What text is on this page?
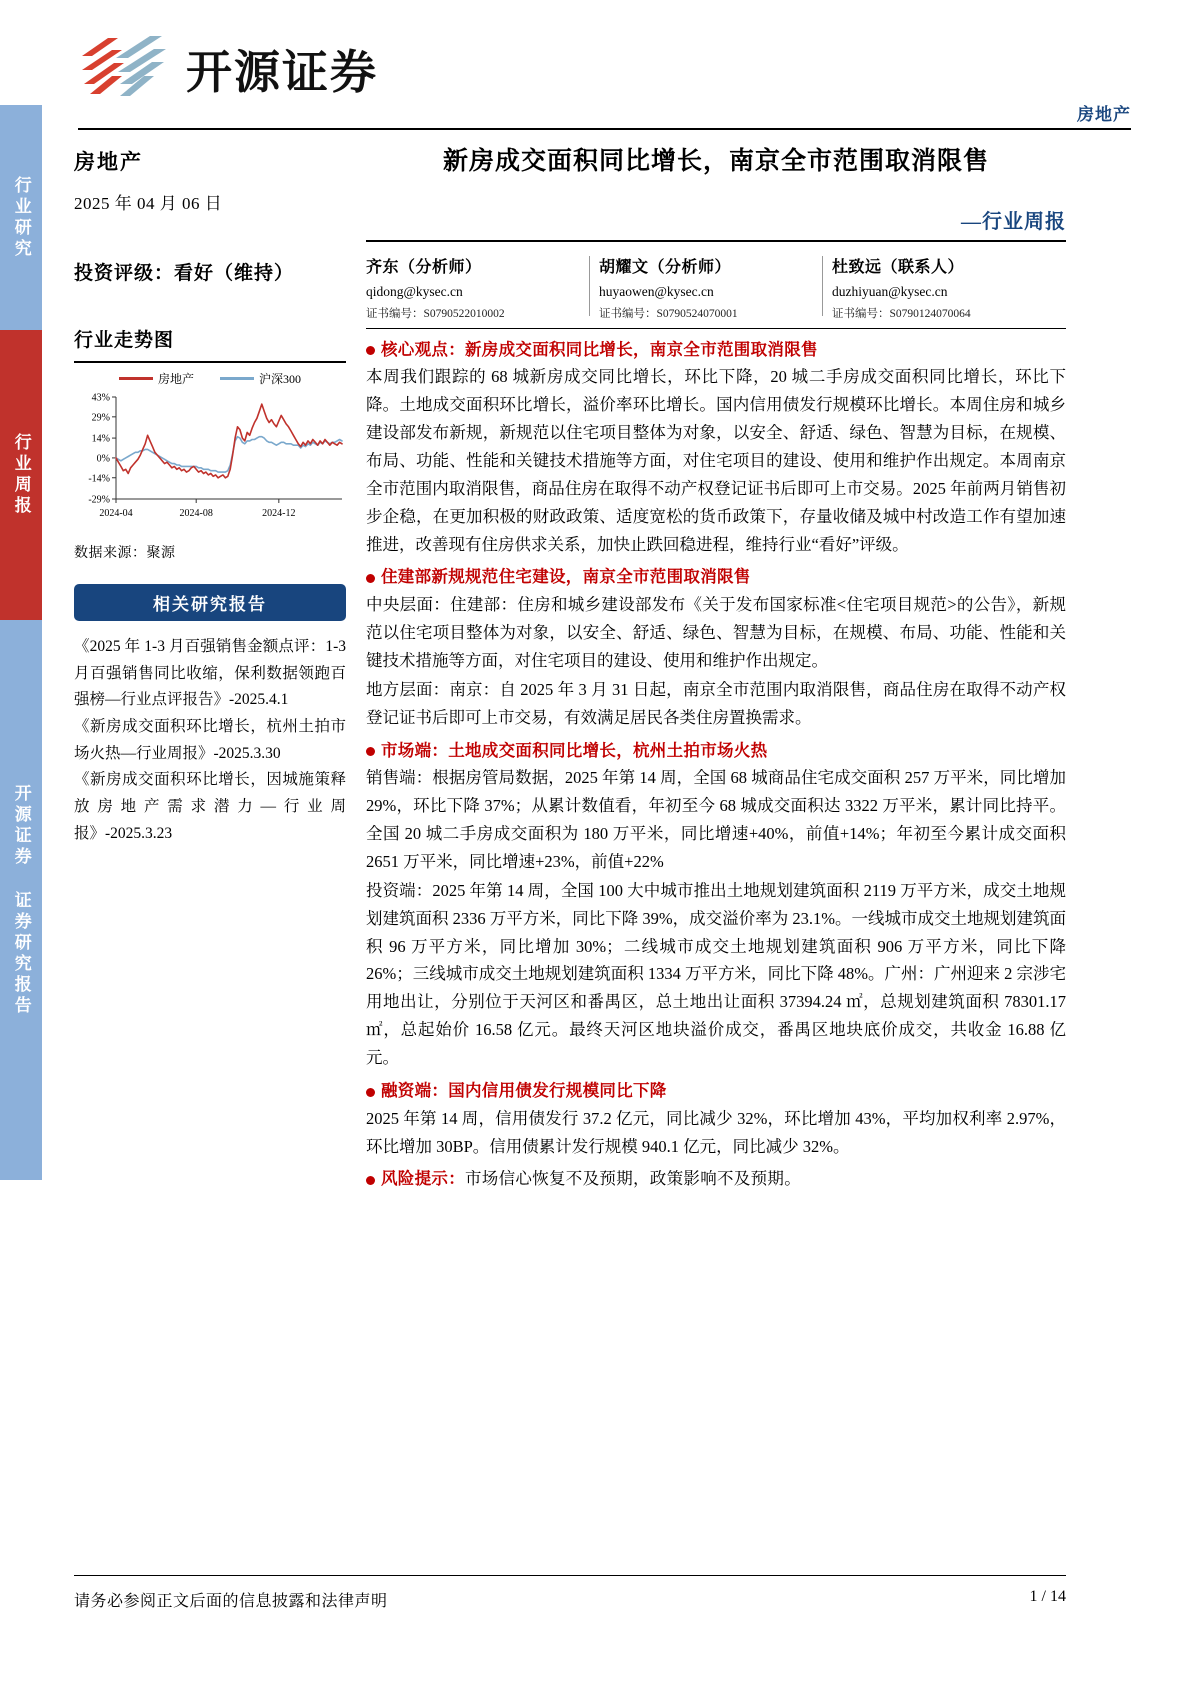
行业研究
行业周报
开源证券 证券研究报告
开源证券
房地产
房地产
2025 年 04 月 06 日
投资评级：看好（维持）
行业走势图
房地产	沪深300
43%
29%
14%
0%
-14%
-29%
2024-04	2024-08	2024-12
数据来源：聚源
相关研究报告
《2025 年 1-3 月百强销售金额点评：1-3 月百强销售同比收缩，保利数据领跑百强榜—行业点评报告》-2025.4.1
《新房成交面积环比增长，杭州土拍市场火热—行业周报》-2025.3.30
《新房成交面积环比增长，因城施策释放房地产需求潜力—行业周报》-2025.3.23
新房成交面积同比增长，南京全市范围取消限售
—行业周报
齐东（分析师）
qidong@kysec.cn
证书编号：S0790522010002
胡耀文（分析师）
huyaowen@kysec.cn
证书编号：S0790524070001
杜致远（联系人）
duzhiyuan@kysec.cn
证书编号：S0790124070064
核心观点：新房成交面积同比增长，南京全市范围取消限售

本周我们跟踪的 68 城新房成交同比增长，环比下降，20 城二手房成交面积同比增长，环比下降。土地成交面积环比增长，溢价率环比增长。国内信用债发行规模环比增长。本周住房和城乡建设部发布新规，新规范以住宅项目整体为对象，以安全、舒适、绿色、智慧为目标，在规模、布局、功能、性能和关键技术措施等方面，对住宅项目的建设、使用和维护作出规定。本周南京全市范围内取消限售，商品住房在取得不动产权登记证书后即可上市交易。2025 年前两月销售初步企稳，在更加积极的财政政策、适度宽松的货币政策下，存量收储及城中村改造工作有望加速推进，改善现有住房供求关系，加快止跌回稳进程，维持行业“看好”评级。

住建部新规规范住宅建设，南京全市范围取消限售

中央层面：住建部：住房和城乡建设部发布《关于发布国家标准<住宅项目规范>的公告》，新规范以住宅项目整体为对象，以安全、舒适、绿色、智慧为目标，在规模、布局、功能、性能和关键技术措施等方面，对住宅项目的建设、使用和维护作出规定。

地方层面：南京：自 2025 年 3 月 31 日起，南京全市范围内取消限售，商品住房在取得不动产权登记证书后即可上市交易，有效满足居民各类住房置换需求。

市场端：土地成交面积同比增长，杭州土拍市场火热

销售端：根据房管局数据，2025 年第 14 周，全国 68 城商品住宅成交面积 257 万平米，同比增加 29%，环比下降 37%；从累计数值看，年初至今 68 城成交面积达 3322 万平米，累计同比持平。全国 20 城二手房成交面积为 180 万平米，同比增速+40%，前值+14%；年初至今累计成交面积 2651 万平米，同比增速+23%，前值+22%

投资端：2025 年第 14 周，全国 100 大中城市推出土地规划建筑面积 2119 万平方米，成交土地规划建筑面积 2336 万平方米，同比下降 39%，成交溢价率为 23.1%。一线城市成交土地规划建筑面积 96 万平方米，同比增加 30%；二线城市成交土地规划建筑面积 906 万平方米，同比下降 26%；三线城市成交土地规划建筑面积 1334 万平方米，同比下降 48%。广州：广州迎来 2 宗涉宅用地出让，分别位于天河区和番禺区，总土地出让面积 37394.24 ㎡，总规划建筑面积 78301.17 ㎡，总起始价 16.58 亿元。最终天河区地块溢价成交，番禺区地块底价成交，共收金 16.88 亿元。

融资端：国内信用债发行规模同比下降

2025 年第 14 周，信用债发行 37.2 亿元，同比减少 32%，环比增加 43%，平均加权利率 2.97%，环比增加 30BP。信用债累计发行规模 940.1 亿元，同比减少 32%。

风险提示：市场信心恢复不及预期，政策影响不及预期。
请务必参阅正文后面的信息披露和法律声明	1 / 14
